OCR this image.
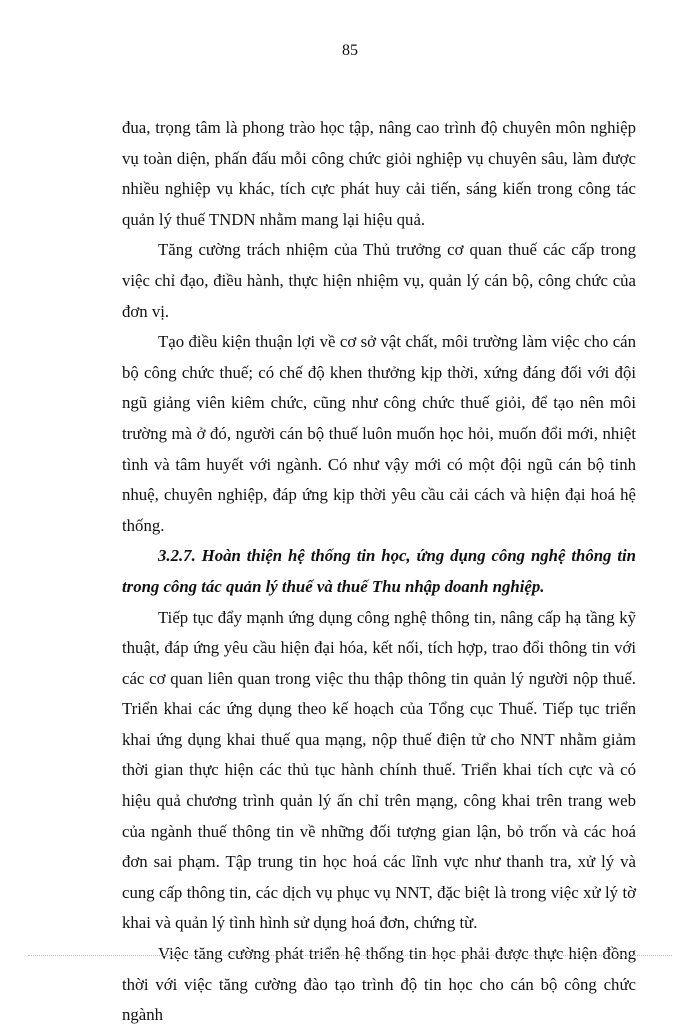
85

đua, trọng tâm là phong trào học tập, nâng cao trình độ chuyên môn nghiệp vụ toàn diện, phấn đấu mỗi công chức giỏi nghiệp vụ chuyên sâu, làm được nhiều nghiệp vụ khác, tích cực phát huy cải tiến, sáng kiến trong công tác quản lý thuế TNDN nhằm mang lại hiệu quả.

Tăng cường trách nhiệm của Thủ trưởng cơ quan thuế các cấp trong việc chỉ đạo, điều hành, thực hiện nhiệm vụ, quản lý cán bộ, công chức của đơn vị.

Tạo điều kiện thuận lợi về cơ sở vật chất, môi trường làm việc cho cán bộ công chức thuế; có chế độ khen thưởng kịp thời, xứng đáng đối với đội ngũ giảng viên kiêm chức, cũng như công chức thuế giỏi, để tạo nên môi trường mà ở đó, người cán bộ thuế luôn muốn học hỏi, muốn đổi mới, nhiệt tình và tâm huyết với ngành. Có như vậy mới có một đội ngũ cán bộ tinh nhuệ, chuyên nghiệp, đáp ứng kịp thời yêu cầu cải cách và hiện đại hoá hệ thống.

3.2.7. Hoàn thiện hệ thống tin học, ứng dụng công nghệ thông tin trong công tác quản lý thuế và thuế Thu nhập doanh nghiệp.

Tiếp tục đẩy mạnh ứng dụng công nghệ thông tin, nâng cấp hạ tầng kỹ thuật, đáp ứng yêu cầu hiện đại hóa, kết nối, tích hợp, trao đổi thông tin với các cơ quan liên quan trong việc thu thập thông tin quản lý người nộp thuế. Triển khai các ứng dụng theo kế hoạch của Tổng cục Thuế. Tiếp tục triển khai ứng dụng khai thuế qua mạng, nộp thuế điện tử cho NNT nhằm giảm thời gian thực hiện các thủ tục hành chính thuế. Triển khai tích cực và có hiệu quả chương trình quản lý ấn chỉ trên mạng, công khai trên trang web của ngành thuế thông tin về những đối tượng gian lận, bỏ trốn và các hoá đơn sai phạm. Tập trung tin học hoá các lĩnh vực như thanh tra, xử lý và cung cấp thông tin, các dịch vụ phục vụ NNT, đặc biệt là trong việc xử lý tờ khai và quản lý tình hình sử dụng hoá đơn, chứng từ.

Việc tăng cường phát triển hệ thống tin học phải được thực hiện đồng thời với việc tăng cường đào tạo trình độ tin học cho cán bộ công chức ngành
